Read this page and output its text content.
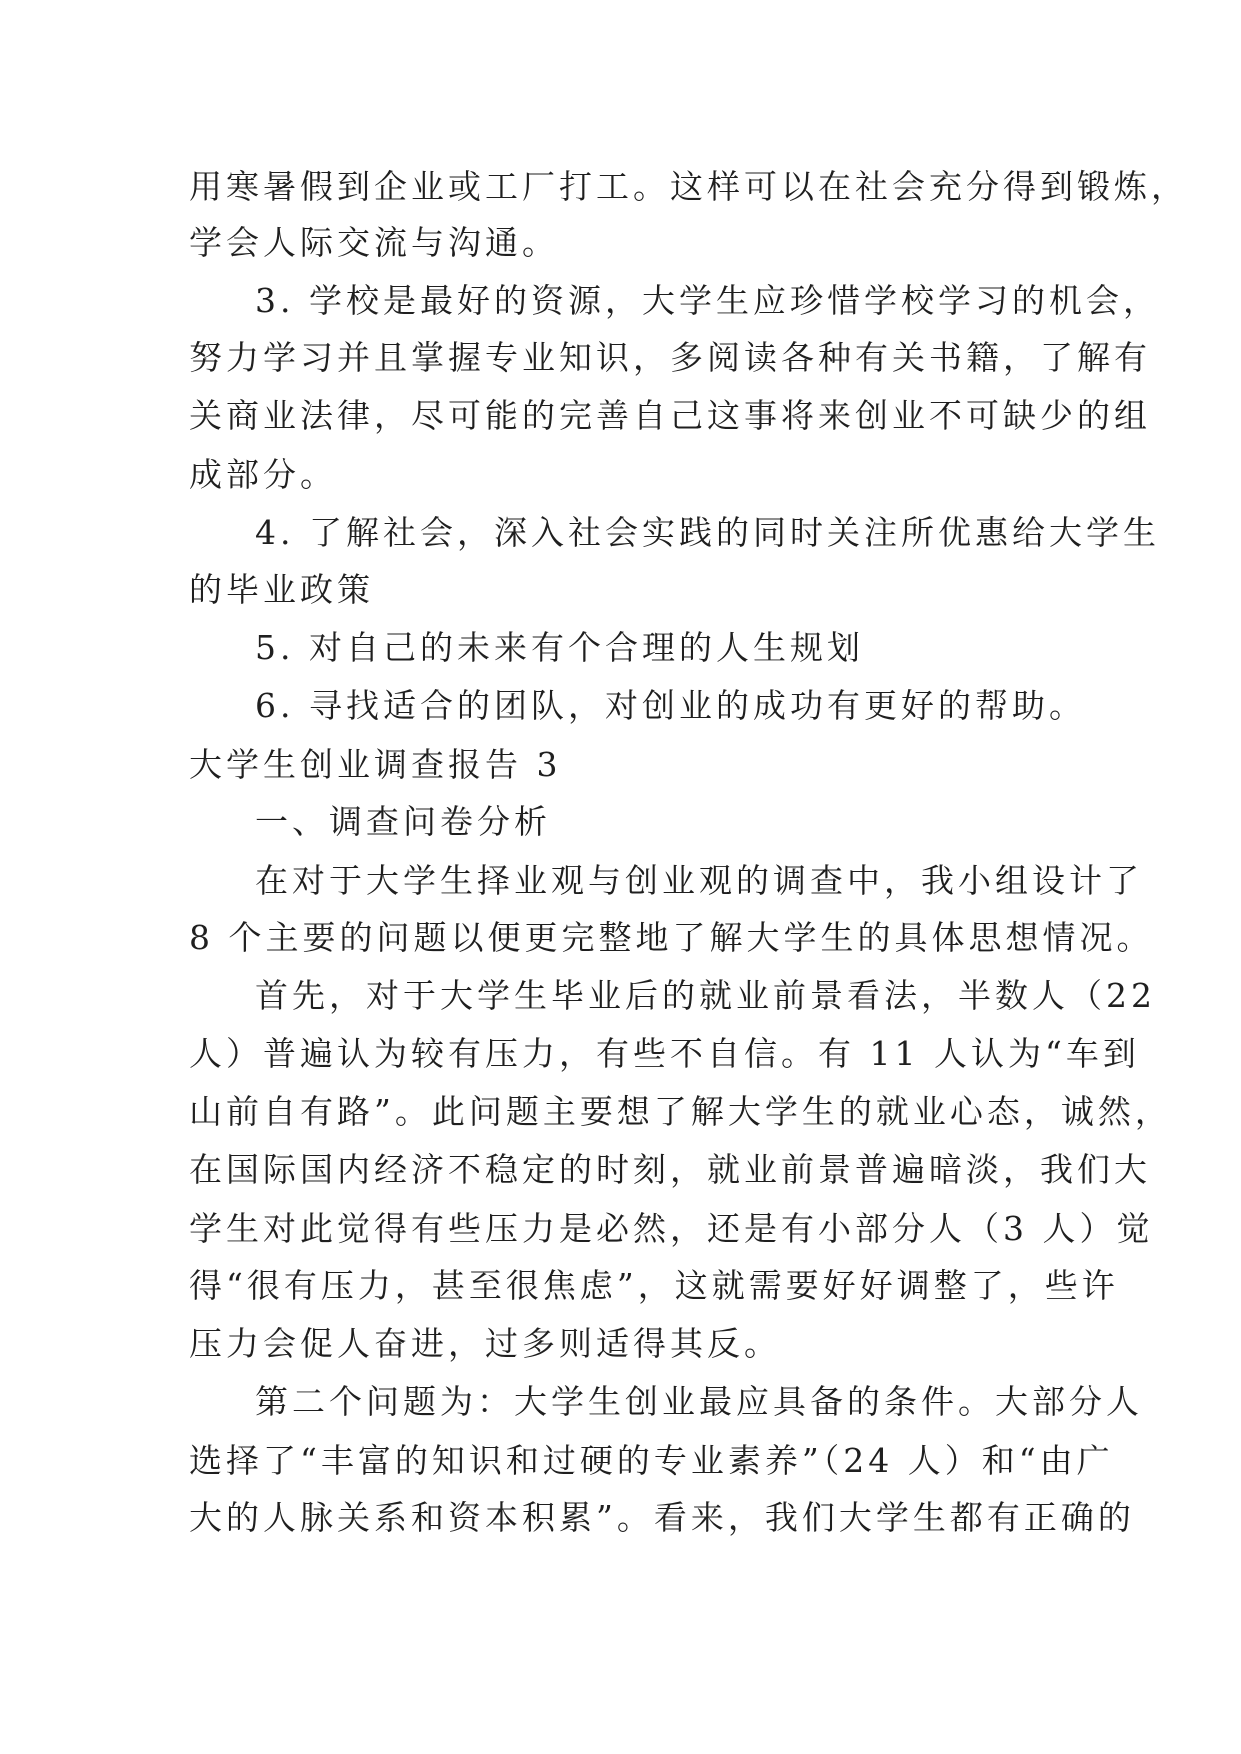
用寒暑假到企业或工厂打工。这样可以在社会充分得到锻炼，
学会人际交流与沟通。
3. 学校是最好的资源，大学生应珍惜学校学习的机会，
努力学习并且掌握专业知识，多阅读各种有关书籍，了解有
关商业法律，尽可能的完善自己这事将来创业不可缺少的组
成部分。
4. 了解社会，深入社会实践的同时关注所优惠给大学生
的毕业政策
5. 对自己的未来有个合理的人生规划
6. 寻找适合的团队，对创业的成功有更好的帮助。
大学生创业调查报告 3
一、调查问卷分析
在对于大学生择业观与创业观的调查中，我小组设计了
8 个主要的问题以便更完整地了解大学生的具体思想情况。
首先，对于大学生毕业后的就业前景看法，半数人（22
人）普遍认为较有压力，有些不自信。有 11 人认为“车到
山前自有路”。此问题主要想了解大学生的就业心态，诚然，
在国际国内经济不稳定的时刻，就业前景普遍暗淡，我们大
学生对此觉得有些压力是必然，还是有小部分人（3 人）觉
得“很有压力，甚至很焦虑”，这就需要好好调整了，些许
压力会促人奋进，过多则适得其反。
第二个问题为：大学生创业最应具备的条件。大部分人
选择了“丰富的知识和过硬的专业素养”（24 人）和“由广
大的人脉关系和资本积累”。看来，我们大学生都有正确的
